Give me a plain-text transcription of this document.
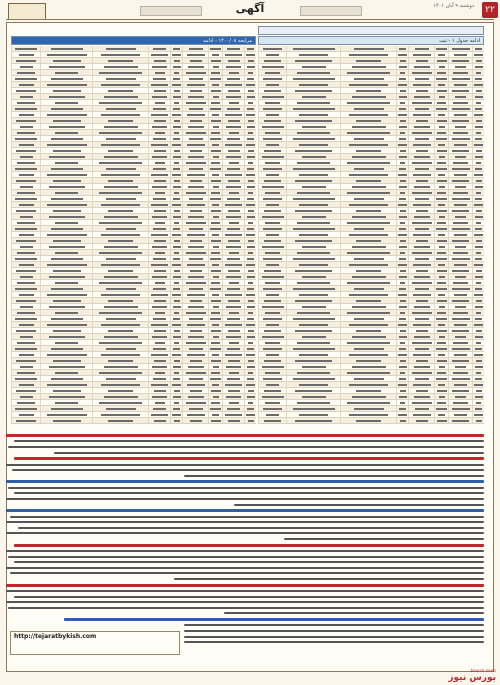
آگهی	دوشنبه ۹ آبان ۱۴۰۱	۲۲
ادامه جدول ۱ - ثبت
مرابحه ۱۴۰۰/۰۸ - ادامه
http://tejaratbykish.com
bourse news
بورس نیوز
